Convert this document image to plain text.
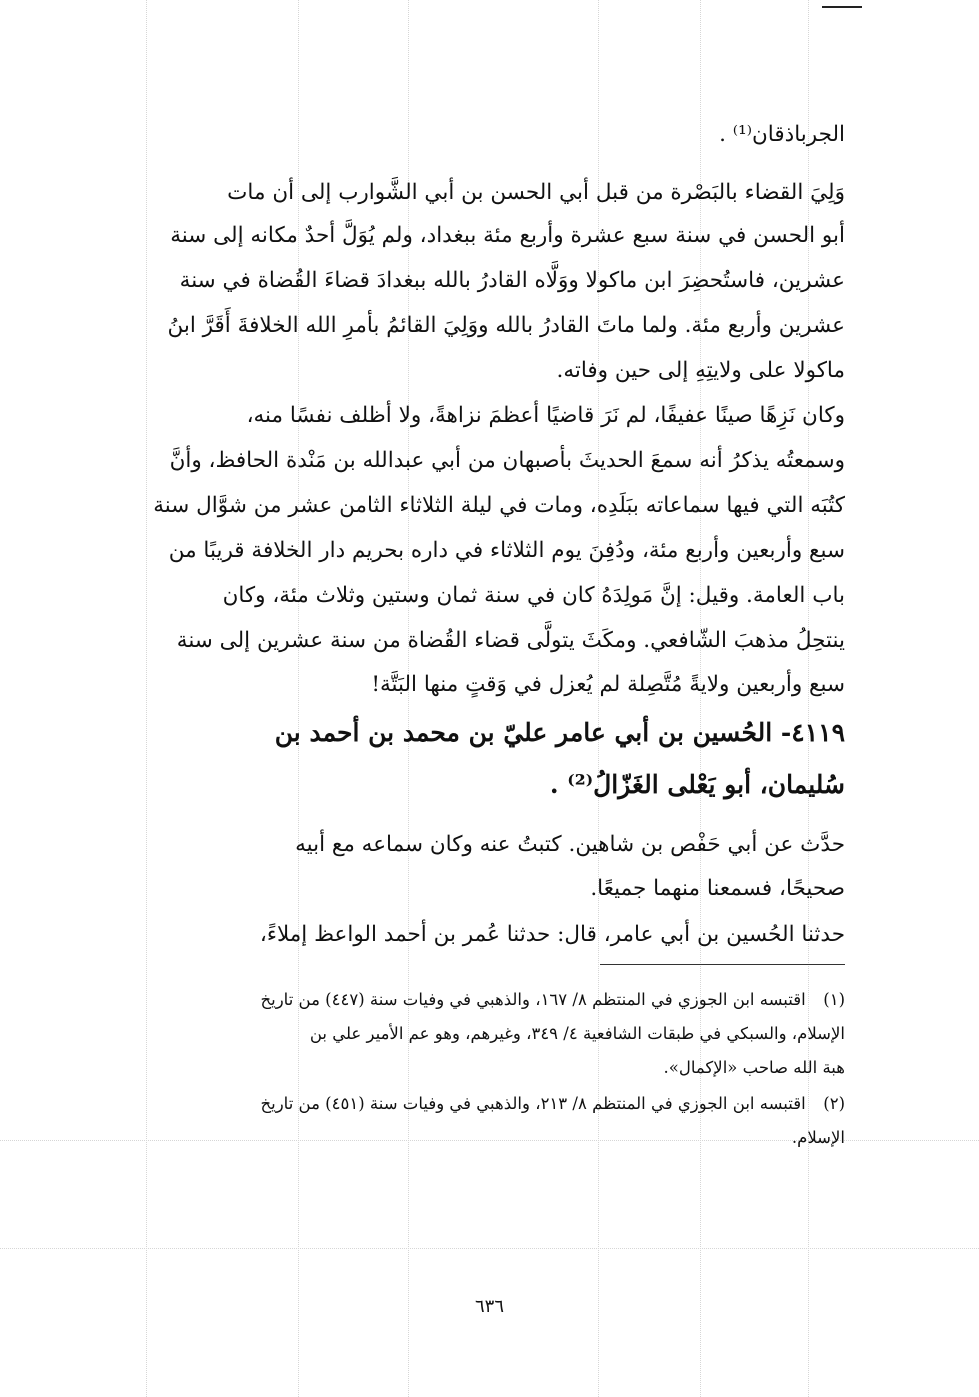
الجرباذقان⁽¹⁾ .
وَلِيَ القضاء بالبَصْرة من قبل أبي الحسن بن أبي الشَّوارب إلى أن مات
أبو الحسن في سنة سبع عشرة وأربع مئة ببغداد، ولم يُوَلَّ أحدٌ مكانه إلى سنة
عشرين، فاستُحضِرَ ابن ماكولا ووَلَّاه القادرُ بالله ببغدادَ قضاءَ القُضاة في سنة
عشرين وأربع مئة. ولما ماتَ القادرُ بالله ووَلِيَ القائمُ بأمرِ الله الخلافةَ أَقَرَّ ابنُ
ماكولا على ولايتِهِ إلى حين وفاته.
وكان نَزِهًا صينًا عفيفًا، لم نَرَ قاضيًا أعظمَ نزاهةً، ولا أظلف نفسًا منه،
وسمعتُه يذكرُ أنه سمعَ الحديثَ بأصبهان من أبي عبدالله بن مَنْدة الحافظ، وأنَّ
كتُبَه التي فيها سماعاته ببَلَدِه، ومات في ليلة الثلاثاء الثامن عشر من شوَّال سنة
سبع وأربعين وأربع مئة، ودُفِنَ يوم الثلاثاء في داره بحريم دار الخلافة قريبًا من
باب العامة. وقيل: إنَّ مَولِدَهُ كان في سنة ثمان وستين وثلاث مئة، وكان
ينتحِلُ مذهبَ الشّافعي. ومكَثَ يتولَّى قضاء القُضاة من سنة عشرين إلى سنة
سبع وأربعين ولايةً مُتَّصِلة لم يُعزل في وَقتٍ منها البَتَّة!
٤١١٩- الحُسين بن أبي عامر عليّ بن محمد بن أحمد بن
سُليمان، أبو يَعْلى الغَزّالُ⁽²⁾ .
حدَّث عن أبي حَفْص بن شاهين. كتبتُ عنه وكان سماعه مع أبيه
صحيحًا، فسمعنا منهما جميعًا.
حدثنا الحُسين بن أبي عامر، قال: حدثنا عُمر بن أحمد الواعظ إملاءً،
(١) اقتبسه ابن الجوزي في المنتظم ٨/ ١٦٧، والذهبي في وفيات سنة (٤٤٧) من تاريخ
الإسلام، والسبكي في طبقات الشافعية ٤/ ٣٤٩، وغيرهم، وهو عم الأمير علي بن
هبة الله صاحب «الإكمال».
(٢) اقتبسه ابن الجوزي في المنتظم ٨/ ٢١٣، والذهبي في وفيات سنة (٤٥١) من تاريخ
الإسلام.
٦٣٦
